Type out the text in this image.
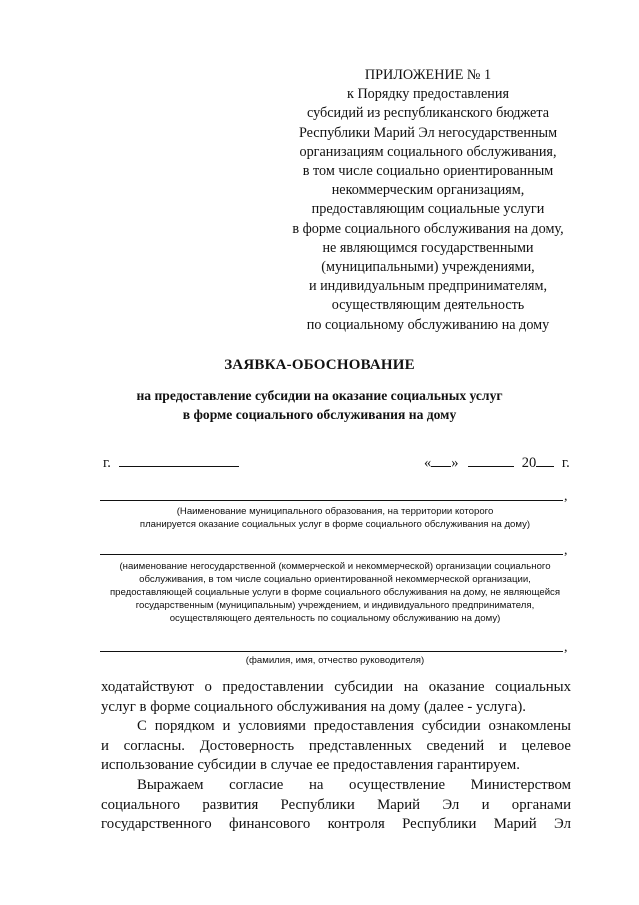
ПРИЛОЖЕНИЕ № 1
к Порядку предоставления
субсидий из республиканского бюджета
Республики Марий Эл негосударственным
организациям социального обслуживания,
в том числе социально ориентированным
некоммерческим организациям,
предоставляющим социальные услуги
в форме социального обслуживания на дому,
не являющимся государственными
(муниципальными) учреждениями,
и индивидуальным предпринимателям,
осуществляющим деятельность
по социальному обслуживанию на дому
ЗАЯВКА-ОБОСНОВАНИЕ
на предоставление субсидии на оказание социальных услуг
в форме социального обслуживания на дому
г.	« »	20 г.
,
(Наименование муниципального образования, на территории которого
планируется оказание социальных услуг в форме социального обслуживания на дому)
,
(наименование негосударственной (коммерческой и некоммерческой) организации социального
обслуживания, в том числе социально ориентированной некоммерческой организации,
предоставляющей социальные услуги в форме социального обслуживания на дому, не являющейся
государственным (муниципальным) учреждением, и индивидуального предпринимателя,
осуществляющего деятельность по социальному обслуживанию на дому)
,
(фамилия, имя, отчество руководителя)

ходатайствуют о предоставлении субсидии на оказание социальных
услуг в форме социального обслуживания на дому (далее - услуга).

С порядком и условиями предоставления субсидии ознакомлены
и согласны. Достоверность представленных сведений и целевое
использование субсидии в случае ее предоставления гарантируем.

Выражаем согласие на осуществление Министерством
социального развития Республики Марий Эл и органами
государственного финансового контроля Республики Марий Эл
